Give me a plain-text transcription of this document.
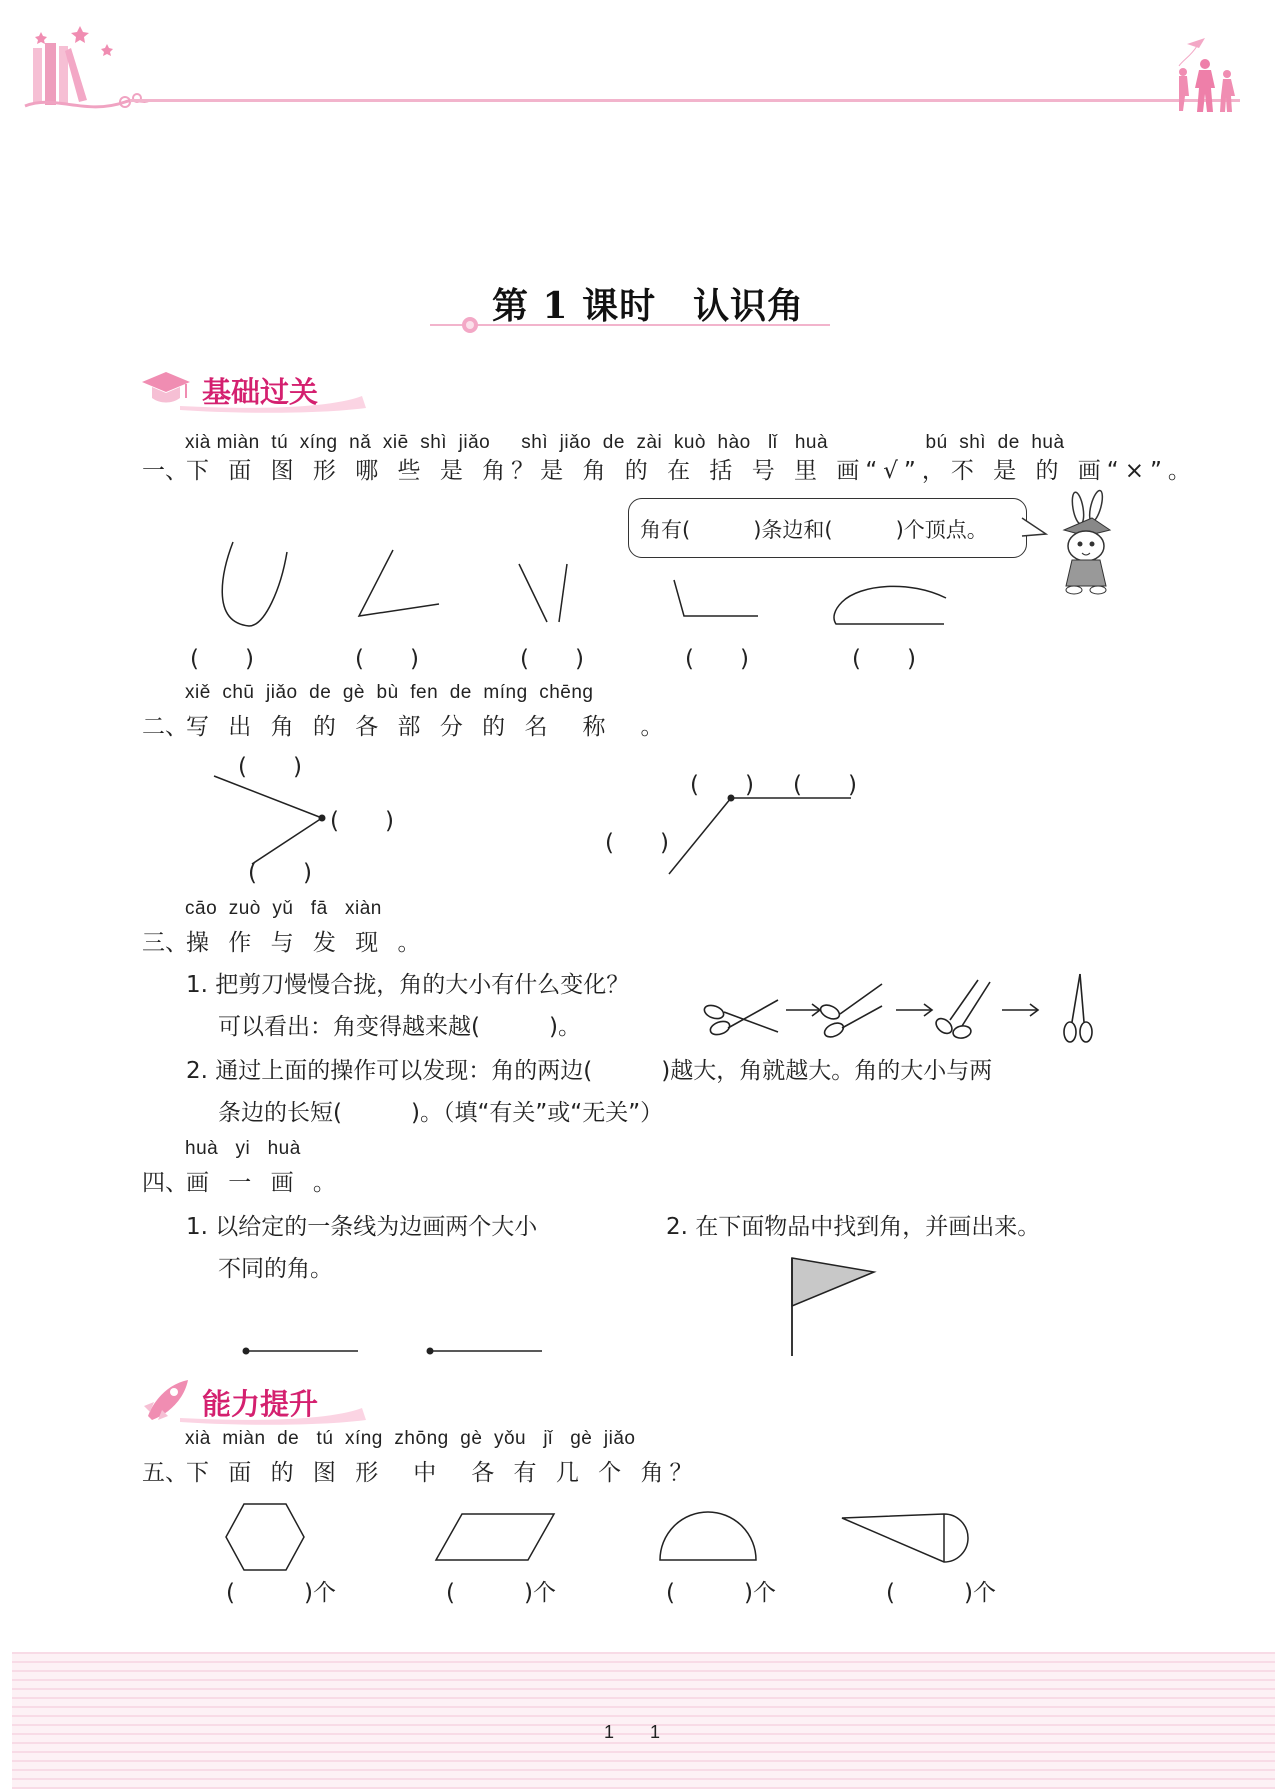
第 1 课时　认识角
基础过关
xià miàn  tú  xíng  nǎ  xiē  shì  jiǎo　  shì  jiǎo  de  zài  kuò  hào   lǐ   huà　　　　　bú  shì  de  huà
一、
下 面 图 形 哪 些 是 角？是 角 的 在 括 号 里 画“√”，不 是 的 画“×”。
角有(　　　)条边和(　　　)个顶点。
(　　)	(　　)	(　　)	(　　)	(　　)
xiě  chū  jiǎo  de  gè  bù  fen  de  míng  chēng
二、
写 出 角 的 各 部 分 的 名　称　。
(　　)
(　　)
(　　)
(　　) (　　)
(　　)
cāo  zuò  yǔ   fā   xiàn
三、
操 作 与 发 现 。
1. 把剪刀慢慢合拢，角的大小有什么变化？
可以看出：角变得越来越(　　　)。
2. 通过上面的操作可以发现：角的两边(　　　)越大，角就越大。角的大小与两
条边的长短(　　　)。（填“有关”或“无关”）
huà   yi   huà
四、
画 一 画 。
1. 以给定的一条线为边画两个大小
不同的角。
2. 在下面物品中找到角，并画出来。
能力提升
xià  miàn  de   tú  xíng  zhōng  gè  yǒu   jǐ   gè  jiǎo
五、
下 面 的 图 形　中　各 有 几 个 角？
(　　　)个	(　　　)个	(　　　)个	(　　　)个
1　　1
